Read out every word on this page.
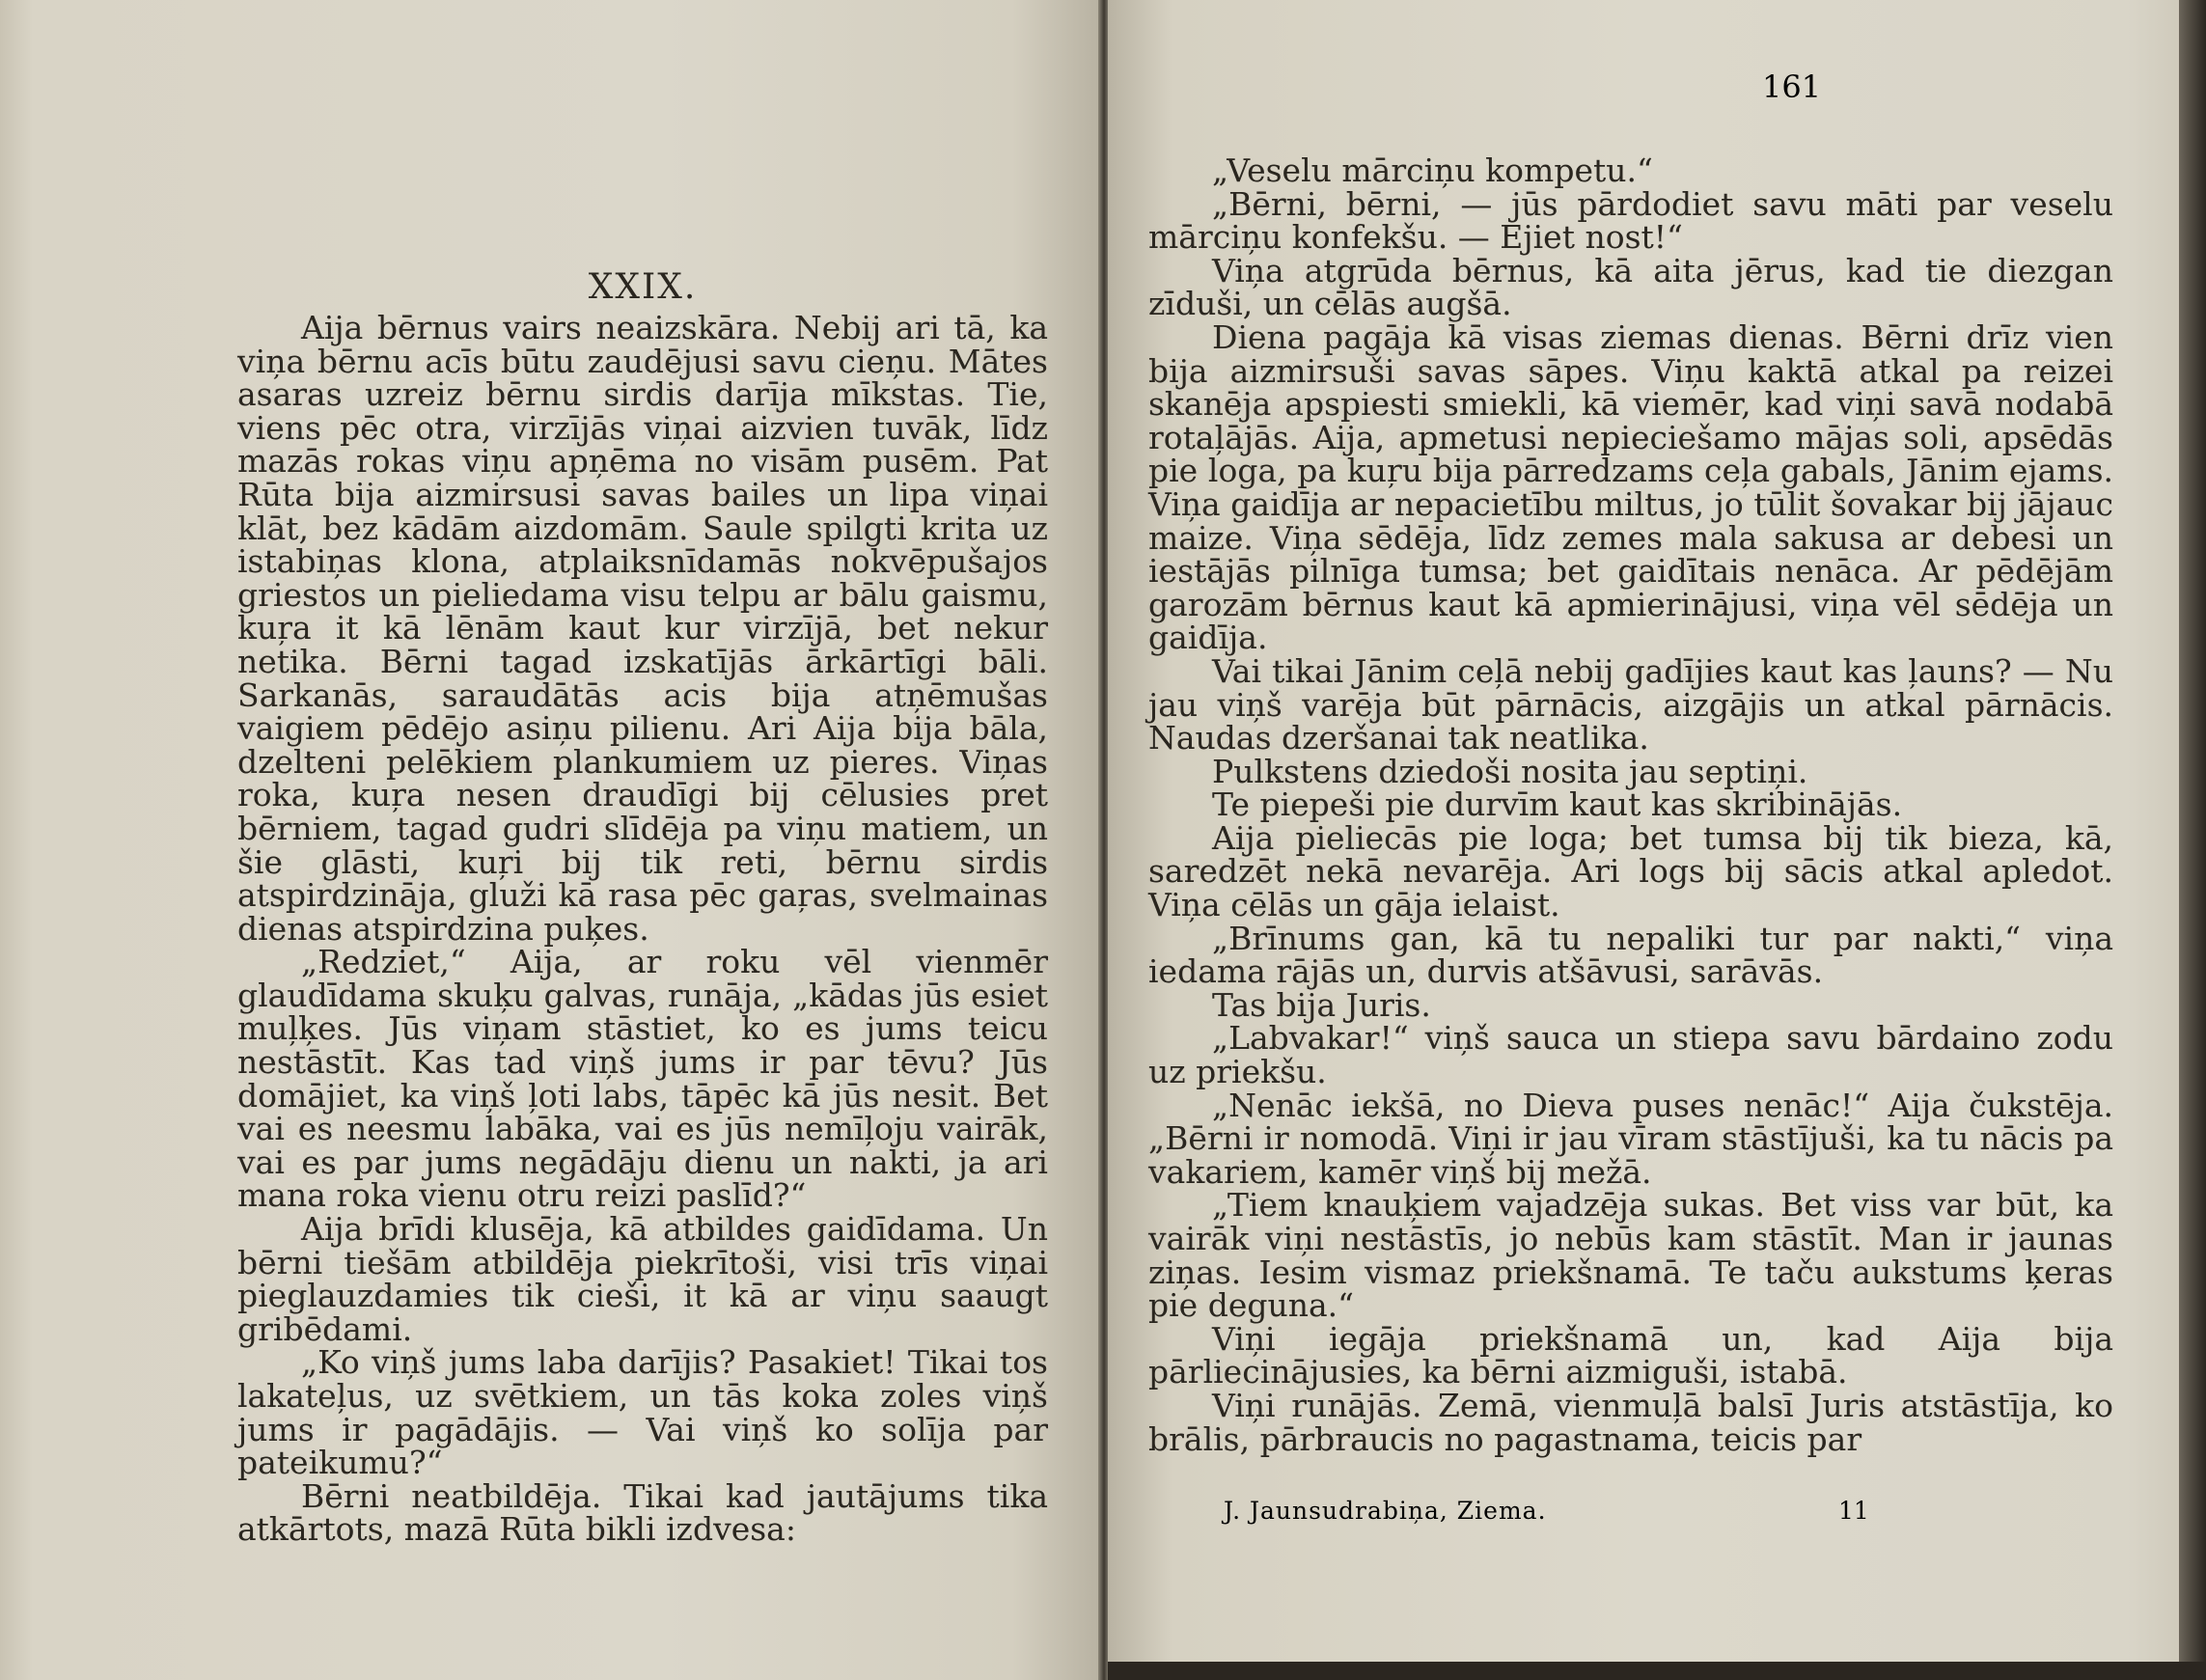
XXIX.

Aija bērnus vairs neaizskāra. Nebij ari tā, ka viņa bērnu acīs būtu zaudējusi savu cieņu. Mātes asaras uzreiz bērnu sirdis darīja mīkstas. Tie, viens pēc otra, virzījās viņai aizvien tuvāk, līdz mazās rokas viņu apņēma no visām pusēm. Pat Rūta bija aizmirsusi savas bailes un lipa viņai klāt, bez kādām aizdomām. Saule spilgti krita uz istabiņas klona, atplaiksnīdamās nokvēpušajos griestos un pieliedama visu telpu ar bālu gaismu, kuŗa it kā lēnām kaut kur virzījā, bet nekur netika. Bērni tagad izskatījās ārkārtīgi bāli. Sarkanās, saraudātās acis bija atņēmušas vaigiem pēdējo asiņu pilienu. Ari Aija bija bāla, dzelteni pelēkiem plankumiem uz pieres. Viņas roka, kuŗa nesen draudīgi bij cēlusies pret bērniem, tagad gudri slīdēja pa viņu matiem, un šie glāsti, kuŗi bij tik reti, bērnu sirdis atspirdzināja, gluži kā rasa pēc gaŗas, svelmainas dienas atspirdzina puķes.

„Redziet,“ Aija, ar roku vēl vienmēr glaudīdama skuķu galvas, runāja, „kādas jūs esiet muļķes. Jūs viņam stāstiet, ko es jums teicu nestāstīt. Kas tad viņš jums ir par tēvu? Jūs domājiet, ka viņš ļoti labs, tāpēc kā jūs nesit. Bet vai es neesmu labāka, vai es jūs nemīļoju vairāk, vai es par jums negādāju dienu un nakti, ja ari mana roka vienu otru reizi paslīd?“

Aija brīdi klusēja, kā atbildes gaidīdama. Un bērni tiešām atbildēja piekrītoši, visi trīs viņai pieglauzdamies tik cieši, it kā ar viņu saaugt gribēdami.

„Ko viņš jums laba darījis? Pasakiet! Tikai tos lakateļus, uz svētkiem, un tās koka zoles viņš jums ir pagādājis. — Vai viņš ko solīja par pateikumu?“

Bērni neatbildēja. Tikai kad jautājums tika atkārtots, mazā Rūta bikli izdvesa:

„Veselu mārciņu kompetu.“

„Bērni, bērni, — jūs pārdodiet savu māti par veselu mārciņu konfekšu. — Ejiet nost!“

Viņa atgrūda bērnus, kā aita jērus, kad tie diezgan zīduši, un cēlās augšā.

Diena pagāja kā visas ziemas dienas. Bērni drīz vien bija aizmirsuši savas sāpes. Viņu kaktā atkal pa reizei skanēja apspiesti smiekli, kā viemēr, kad viņi savā nodabā rotaļājās. Aija, apmetusi nepieciešamo mājas soli, apsēdās pie loga, pa kuŗu bija pārredzams ceļa gabals, Jānim ejams. Viņa gaidīja ar nepacietību miltus, jo tūlit šovakar bij jājauc maize. Viņa sēdēja, līdz zemes mala sakusa ar debesi un iestājās pilnīga tumsa; bet gaidītais nenāca. Ar pēdējām garozām bērnus kaut kā apmierinājusi, viņa vēl sēdēja un gaidīja.

Vai tikai Jānim ceļā nebij gadījies kaut kas ļauns? — Nu jau viņš varēja būt pārnācis, aizgājis un atkal pārnācis. Naudas dzeršanai tak neatlika.

Pulkstens dziedoši nosita jau septiņi.

Te piepeši pie durvīm kaut kas skribinājās.

Aija pieliecās pie loga; bet tumsa bij tik bieza, kā, saredzēt nekā nevarēja. Ari logs bij sācis atkal apledot. Viņa cēlās un gāja ielaist.

„Brīnums gan, kā tu nepaliki tur par nakti,“ viņa iedama rājās un, durvis atšāvusi, sarāvās.

Tas bija Juris.

„Labvakar!“ viņš sauca un stiepa savu bārdaino zodu uz priekšu.

„Nenāc iekšā, no Dieva puses nenāc!“ Aija čukstēja. „Bērni ir nomodā. Viņi ir jau vīram stāstījuši, ka tu nācis pa vakariem, kamēr viņš bij mežā.

„Tiem knauķiem vajadzēja sukas. Bet viss var būt, ka vairāk viņi nestāstīs, jo nebūs kam stāstīt. Man ir jaunas ziņas. Iesim vismaz priekšnamā. Te taču aukstums ķeras pie deguna.“

Viņi iegāja priekšnamā un, kad Aija bija pārliecinājusies, ka bērni aizmiguši, istabā.

Viņi runājās. Zemā, vienmuļā balsī Juris atstāstīja, ko brālis, pārbraucis no pagastnama, teicis par

161
J. Jaunsudrabiņa, Ziema.	11
